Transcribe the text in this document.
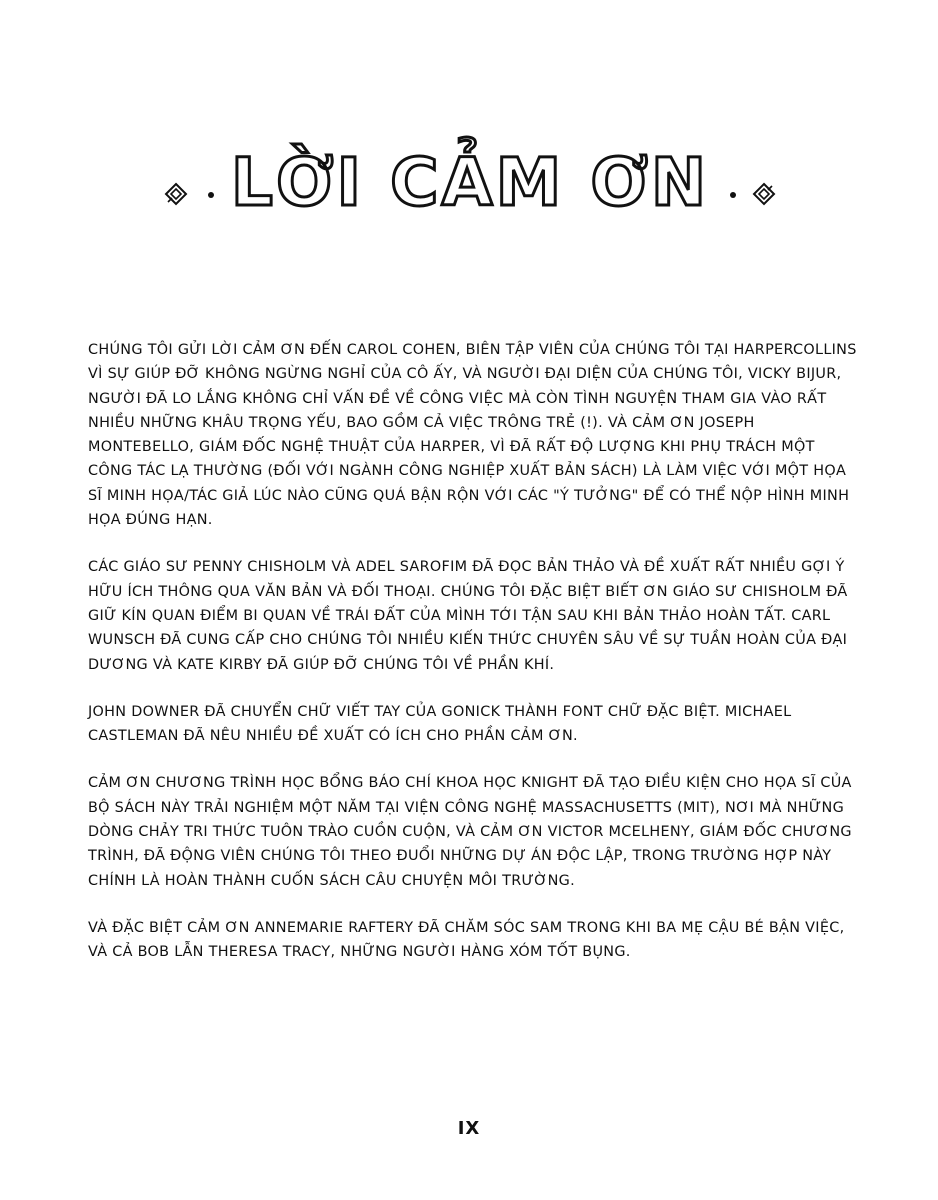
LỜI CẢM ƠN

CHÚNG TÔI GỬI LỜI CẢM ƠN ĐẾN CAROL COHEN, BIÊN TẬP VIÊN CỦA CHÚNG TÔI TẠI HARPERCOLLINS VÌ SỰ GIÚP ĐỠ KHÔNG NGỪNG NGHỈ CỦA CÔ ẤY, VÀ NGƯỜI ĐẠI DIỆN CỦA CHÚNG TÔI, VICKY BIJUR, NGƯỜI ĐÃ LO LẮNG KHÔNG CHỈ VẤN ĐỀ VỀ CÔNG VIỆC MÀ CÒN TÌNH NGUYỆN THAM GIA VÀO RẤT NHIỀU NHỮNG KHÂU TRỌNG YẾU, BAO GỒM CẢ VIỆC TRÔNG TRẺ (!). VÀ CẢM ƠN JOSEPH MONTEBELLO, GIÁM ĐỐC NGHỆ THUẬT CỦA HARPER, VÌ ĐÃ RẤT ĐỘ LƯỢNG KHI PHỤ TRÁCH MỘT CÔNG TÁC LẠ THƯỜNG (ĐỐI VỚI NGÀNH CÔNG NGHIỆP XUẤT BẢN SÁCH) LÀ LÀM VIỆC VỚI MỘT HỌA SĨ MINH HỌA/TÁC GIẢ LÚC NÀO CŨNG QUÁ BẬN RỘN VỚI CÁC "Ý TƯỞNG" ĐỂ CÓ THỂ NỘP HÌNH MINH HỌA ĐÚNG HẠN.

CÁC GIÁO SƯ PENNY CHISHOLM VÀ ADEL SAROFIM ĐÃ ĐỌC BẢN THẢO VÀ ĐỀ XUẤT RẤT NHIỀU GỢI Ý HỮU ÍCH THÔNG QUA VĂN BẢN VÀ ĐỐI THOẠI. CHÚNG TÔI ĐẶC BIỆT BIẾT ƠN GIÁO SƯ CHISHOLM ĐÃ GIỮ KÍN QUAN ĐIỂM BI QUAN VỀ TRÁI ĐẤT CỦA MÌNH TỚI TẬN SAU KHI BẢN THẢO HOÀN TẤT. CARL WUNSCH ĐÃ CUNG CẤP CHO CHÚNG TÔI NHIỀU KIẾN THỨC CHUYÊN SÂU VỀ SỰ TUẦN HOÀN CỦA ĐẠI DƯƠNG VÀ KATE KIRBY ĐÃ GIÚP ĐỠ CHÚNG TÔI VỀ PHẦN KHÍ.

JOHN DOWNER ĐÃ CHUYỂN CHỮ VIẾT TAY CỦA GONICK THÀNH FONT CHỮ ĐẶC BIỆT. MICHAEL CASTLEMAN ĐÃ NÊU NHIỀU ĐỀ XUẤT CÓ ÍCH CHO PHẦN CẢM ƠN.

CẢM ƠN CHƯƠNG TRÌNH HỌC BỔNG BÁO CHÍ KHOA HỌC KNIGHT ĐÃ TẠO ĐIỀU KIỆN CHO HỌA SĨ CỦA BỘ SÁCH NÀY TRẢI NGHIỆM MỘT NĂM TẠI VIỆN CÔNG NGHỆ MASSACHUSETTS (MIT), NƠI MÀ NHỮNG DÒNG CHẢY TRI THỨC TUÔN TRÀO CUỒN CUỘN, VÀ CẢM ƠN VICTOR MCELHENY, GIÁM ĐỐC CHƯƠNG TRÌNH, ĐÃ ĐỘNG VIÊN CHÚNG TÔI THEO ĐUỔI NHỮNG DỰ ÁN ĐỘC LẬP, TRONG TRƯỜNG HỢP NÀY CHÍNH LÀ HOÀN THÀNH CUỐN SÁCH CÂU CHUYỆN MÔI TRƯỜNG.

VÀ ĐẶC BIỆT CẢM ƠN ANNEMARIE RAFTERY ĐÃ CHĂM SÓC SAM TRONG KHI BA MẸ CẬU BÉ BẬN VIỆC, VÀ CẢ BOB LẪN THERESA TRACY, NHỮNG NGƯỜI HÀNG XÓM TỐT BỤNG.

IX
